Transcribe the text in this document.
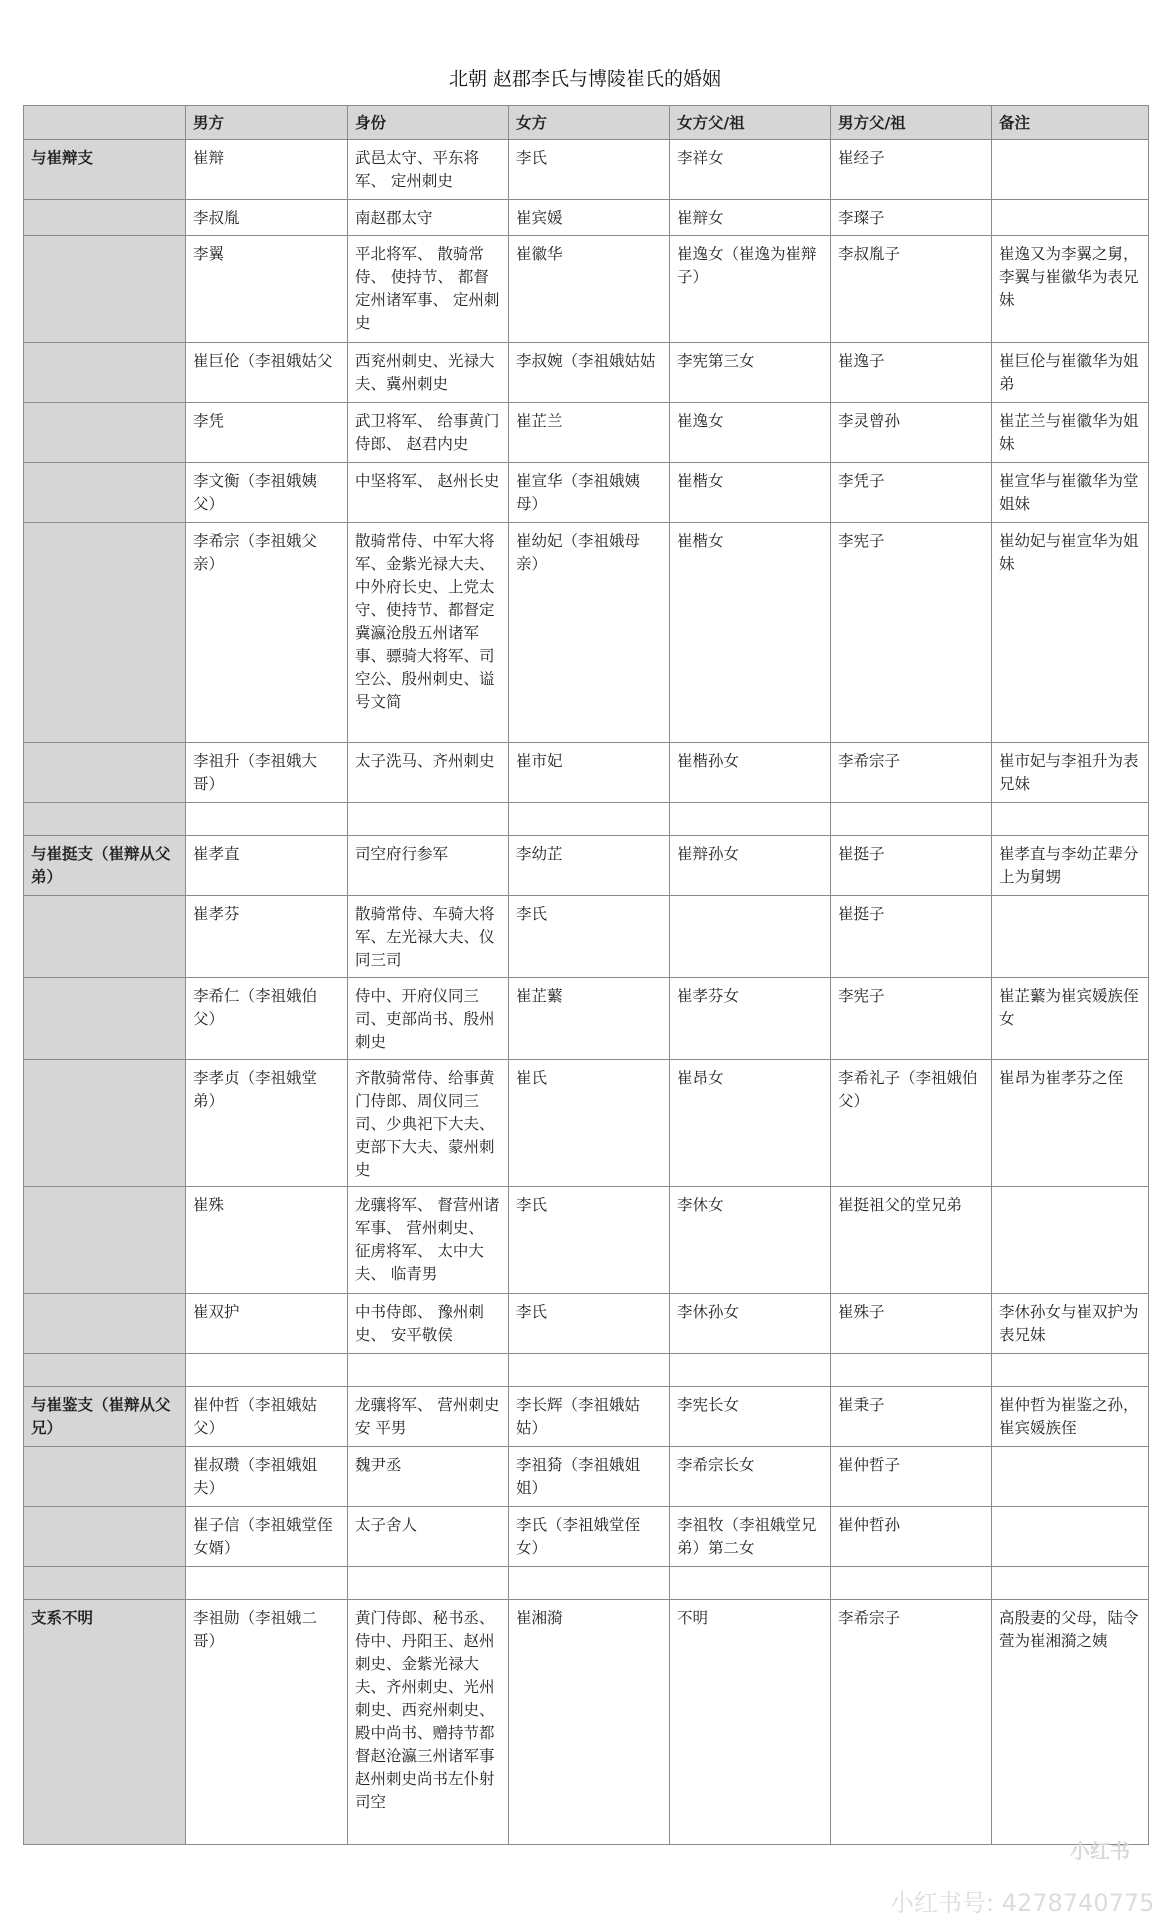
北朝 赵郡李氏与博陵崔氏的婚姻
	男方	身份	女方	女方父/祖	男方父/祖	备注
与崔辩支	崔辩	武邑太守、平东将军、 定州刺史	李氏	李祥女	崔经子	
	李叔胤	南赵郡太守	崔宾媛	崔辩女	李璨子	
	李翼	平北将军、 散骑常侍、 使持节、 都督定州诸军事、 定州刺史	崔徽华	崔逸女（崔逸为崔辩子）	李叔胤子	崔逸又为李翼之舅，李翼与崔徽华为表兄妹
	崔巨伦（李祖娥姑父	西兖州刺史、光禄大夫、冀州刺史	李叔婉（李祖娥姑姑	李宪第三女	崔逸子	崔巨伦与崔徽华为姐弟
	李凭	武卫将军、 给事黄门侍郎、 赵君内史	崔芷兰	崔逸女	李灵曾孙	崔芷兰与崔徽华为姐妹
	李文衡（李祖娥姨父）	中坚将军、 赵州长史	崔宣华（李祖娥姨母）	崔楷女	李凭子	崔宣华与崔徽华为堂姐妹
	李希宗（李祖娥父亲）	散骑常侍、中军大将军、金紫光禄大夫、中外府长史、上党太守、使持节、都督定冀瀛沧殷五州诸军事、骠骑大将军、司空公、殷州刺史、谥号文简	崔幼妃（李祖娥母亲）	崔楷女	李宪子	崔幼妃与崔宣华为姐妹
	李祖升（李祖娥大哥）	太子洗马、齐州刺史	崔市妃	崔楷孙女	李希宗子	崔市妃与李祖升为表兄妹

与崔挺支（崔辩从父弟）	崔孝直	司空府行参军	李幼芷	崔辩孙女	崔挺子	崔孝直与李幼芷辈分上为舅甥
	崔孝芬	散骑常侍、车骑大将军、左光禄大夫、仪同三司	李氏		崔挺子	
	李希仁（李祖娥伯父）	侍中、开府仪同三司、吏部尚书、殷州刺史	崔芷蘩	崔孝芬女	李宪子	崔芷蘩为崔宾媛族侄女
	李孝贞（李祖娥堂弟）	齐散骑常侍、给事黄门侍郎、周仪同三司、少典祀下大夫、吏部下大夫、蒙州刺史	崔氏	崔昂女	李希礼子（李祖娥伯父）	崔昂为崔孝芬之侄
	崔殊	龙骧将军、 督营州诸军事、 营州刺史、 征虏将军、 太中大 夫、 临青男	李氏	李休女	崔挺祖父的堂兄弟	
	崔双护	中书侍郎、 豫州刺史、 安平敬侯	李氏	李休孙女	崔殊子	李休孙女与崔双护为表兄妹

与崔鉴支（崔辩从父兄）	崔仲哲（李祖娥姑父）	龙骧将军、 营州刺史安 平男	李长辉（李祖娥姑姑）	李宪长女	崔秉子	崔仲哲为崔鉴之孙，崔宾媛族侄
	崔叔瓒（李祖娥姐夫）	魏尹丞	李祖猗（李祖娥姐姐）	李希宗长女	崔仲哲子	
	崔子信（李祖娥堂侄女婿）	太子舍人	李氏（李祖娥堂侄女）	李祖牧（李祖娥堂兄弟）第二女	崔仲哲孙	

支系不明	李祖勋（李祖娥二哥）	黄门侍郎、秘书丞、侍中、丹阳王、赵州刺史、金紫光禄大夫、齐州刺史、光州刺史、西兖州刺史、殿中尚书、赠持节都督赵沧瀛三州诸军事赵州刺史尚书左仆射司空	崔湘漪	不明	李希宗子	高殷妻的父母，陆令萱为崔湘漪之姨
小红书
小红书号: 4278740775
